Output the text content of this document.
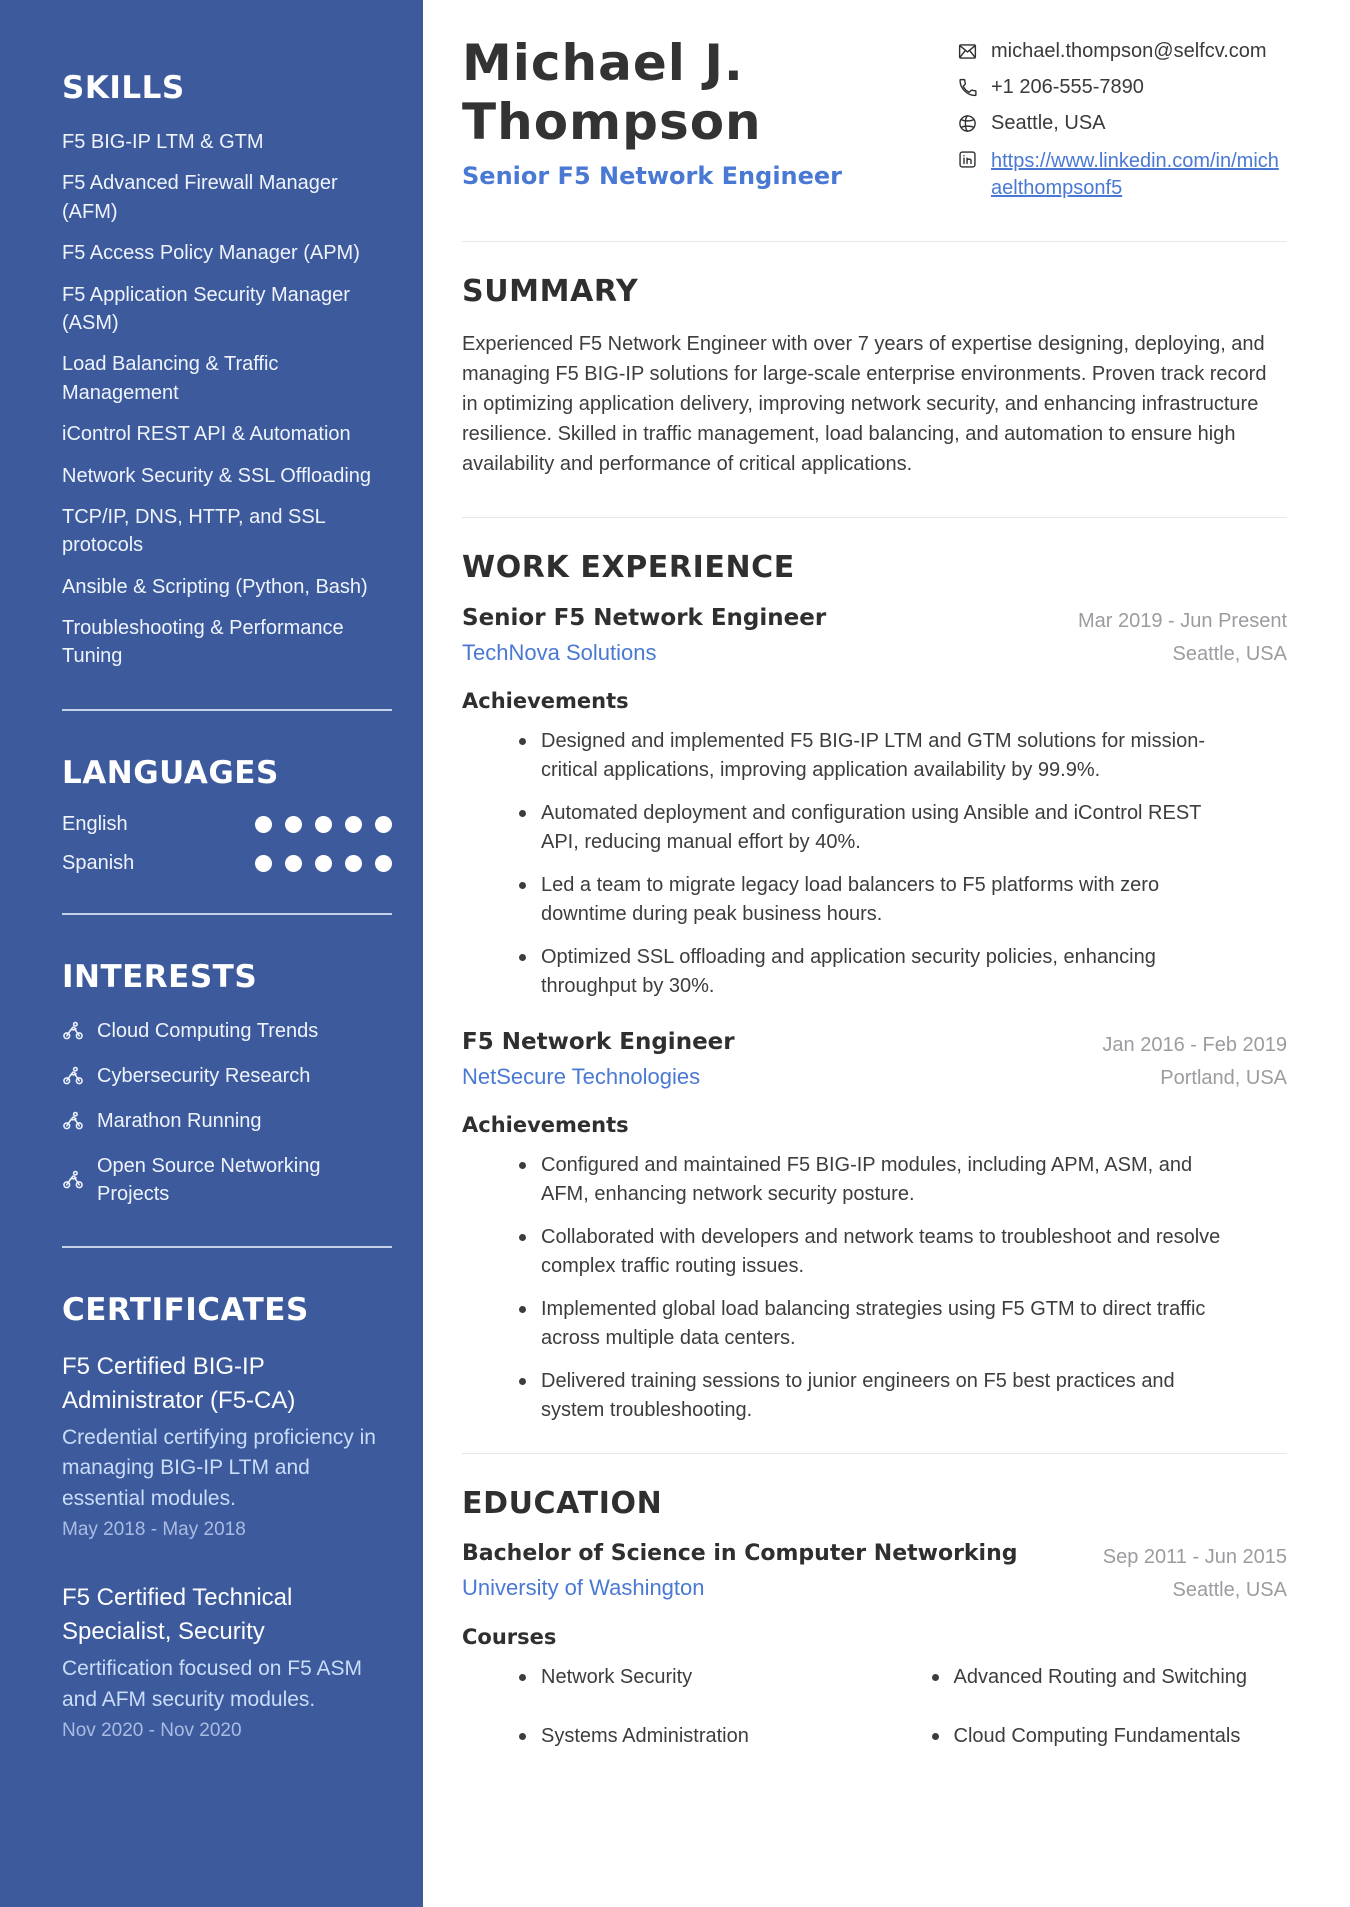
SKILLS
F5 BIG-IP LTM & GTM
F5 Advanced Firewall Manager (AFM)
F5 Access Policy Manager (APM)
F5 Application Security Manager (ASM)
Load Balancing & Traffic Management
iControl REST API & Automation
Network Security & SSL Offloading
TCP/IP, DNS, HTTP, and SSL protocols
Ansible & Scripting (Python, Bash)
Troubleshooting & Performance Tuning
LANGUAGES
English
Spanish
INTERESTS
Cloud Computing Trends
Cybersecurity Research
Marathon Running
Open Source Networking Projects
CERTIFICATES
F5 Certified BIG-IP Administrator (F5-CA)
Credential certifying proficiency in managing BIG-IP LTM and essential modules.
May 2018 - May 2018
F5 Certified Technical Specialist, Security
Certification focused on F5 ASM and AFM security modules.
Nov 2020 - Nov 2020
Michael J.
Thompson
Senior F5 Network Engineer
michael.thompson@selfcv.com
+1 206-555-7890
Seattle, USA
https://www.linkedin.com/in/michaelthompsonf5
SUMMARY

Experienced F5 Network Engineer with over 7 years of expertise designing, deploying, and managing F5 BIG-IP solutions for large-scale enterprise environments. Proven track record in optimizing application delivery, improving network security, and enhancing infrastructure resilience. Skilled in traffic management, load balancing, and automation to ensure high availability and performance of critical applications.

WORK EXPERIENCE
Senior F5 Network Engineer
TechNova Solutions
Mar 2019 - Jun Present
Seattle, USA
Achievements
Designed and implemented F5 BIG-IP LTM and GTM solutions for mission-critical applications, improving application availability by 99.9%.
Automated deployment and configuration using Ansible and iControl REST API, reducing manual effort by 40%.
Led a team to migrate legacy load balancers to F5 platforms with zero downtime during peak business hours.
Optimized SSL offloading and application security policies, enhancing throughput by 30%.
F5 Network Engineer
NetSecure Technologies
Jan 2016 - Feb 2019
Portland, USA
Achievements
Configured and maintained F5 BIG-IP modules, including APM, ASM, and AFM, enhancing network security posture.
Collaborated with developers and network teams to troubleshoot and resolve complex traffic routing issues.
Implemented global load balancing strategies using F5 GTM to direct traffic across multiple data centers.
Delivered training sessions to junior engineers on F5 best practices and system troubleshooting.
EDUCATION
Bachelor of Science in Computer Networking
University of Washington
Sep 2011 - Jun 2015
Seattle, USA
Courses
Network Security	Advanced Routing and Switching
Systems Administration	Cloud Computing Fundamentals
